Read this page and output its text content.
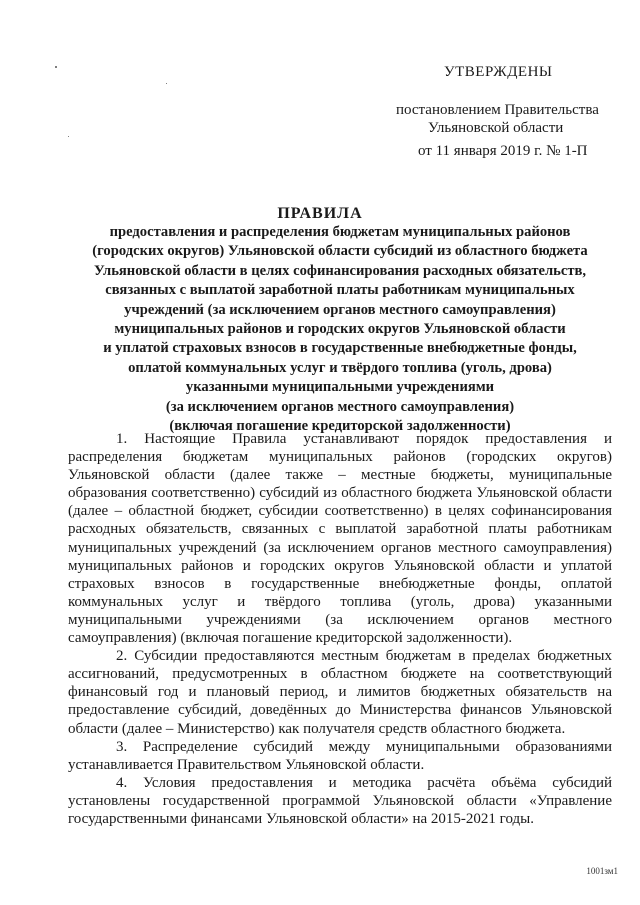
УТВЕРЖДЕНЫ
постановлением Правительства
Ульяновской области
от 11 января 2019 г. № 1-П
ПРАВИЛА
предоставления и распределения бюджетам муниципальных районов
(городских округов) Ульяновской области субсидий из областного бюджета
Ульяновской области в целях софинансирования расходных обязательств,
связанных с выплатой заработной платы работникам муниципальных
учреждений (за исключением органов местного самоуправления)
муниципальных районов и городских округов Ульяновской области
и уплатой страховых взносов в государственные внебюджетные фонды,
оплатой коммунальных услуг и твёрдого топлива (уголь, дрова)
указанными муниципальными учреждениями
(за исключением органов местного самоуправления)
(включая погашение кредиторской задолженности)

1. Настоящие Правила устанавливают порядок предоставления и распределения бюджетам муниципальных районов (городских округов) Ульяновской области (далее также – местные бюджеты, муниципальные образования соответственно) субсидий из областного бюджета Ульяновской области (далее – областной бюджет, субсидии соответственно) в целях софинансирования расходных обязательств, связанных с выплатой заработной платы работникам муниципальных учреждений (за исключением органов местного самоуправления) муниципальных районов и городских округов Ульяновской области и уплатой страховых взносов в государственные внебюджетные фонды, оплатой коммунальных услуг и твёрдого топлива (уголь, дрова) указанными муниципальными учреждениями (за исключением органов местного самоуправления) (включая погашение кредиторской задолженности).

2. Субсидии предоставляются местным бюджетам в пределах бюджетных ассигнований, предусмотренных в областном бюджете на соответствующий финансовый год и плановый период, и лимитов бюджетных обязательств на предоставление субсидий, доведённых до Министерства финансов Ульяновской области (далее – Министерство) как получателя средств областного бюджета.

3. Распределение субсидий между муниципальными образованиями устанавливается Правительством Ульяновской области.

4. Условия предоставления и методика расчёта объёма субсидий установлены государственной программой Ульяновской области «Управление государственными финансами Ульяновской области» на 2015-2021 годы.

1001зм1
